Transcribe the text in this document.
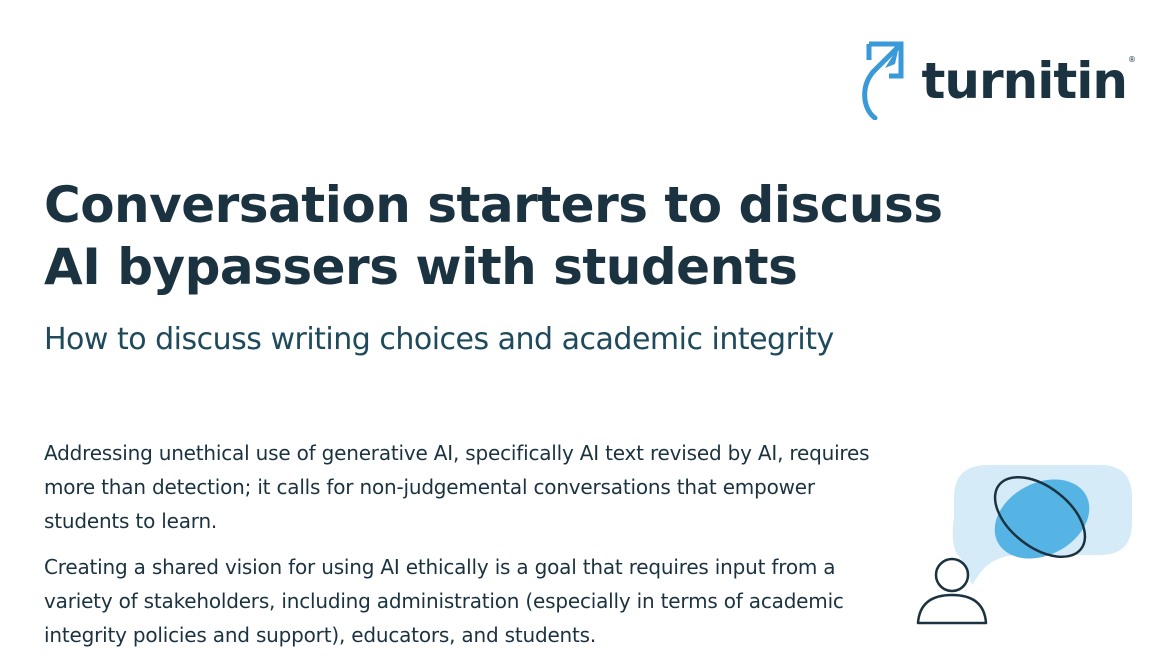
turnitin ®
Conversation starters to discuss AI bypassers with students
How to discuss writing choices and academic integrity

Addressing unethical use of generative AI, specifically AI text revised by AI, requires more than detection; it calls for non-judgemental conversations that empower students to learn.

Creating a shared vision for using AI ethically is a goal that requires input from a variety of stakeholders, including administration (especially in terms of academic integrity policies and support), educators, and students.
